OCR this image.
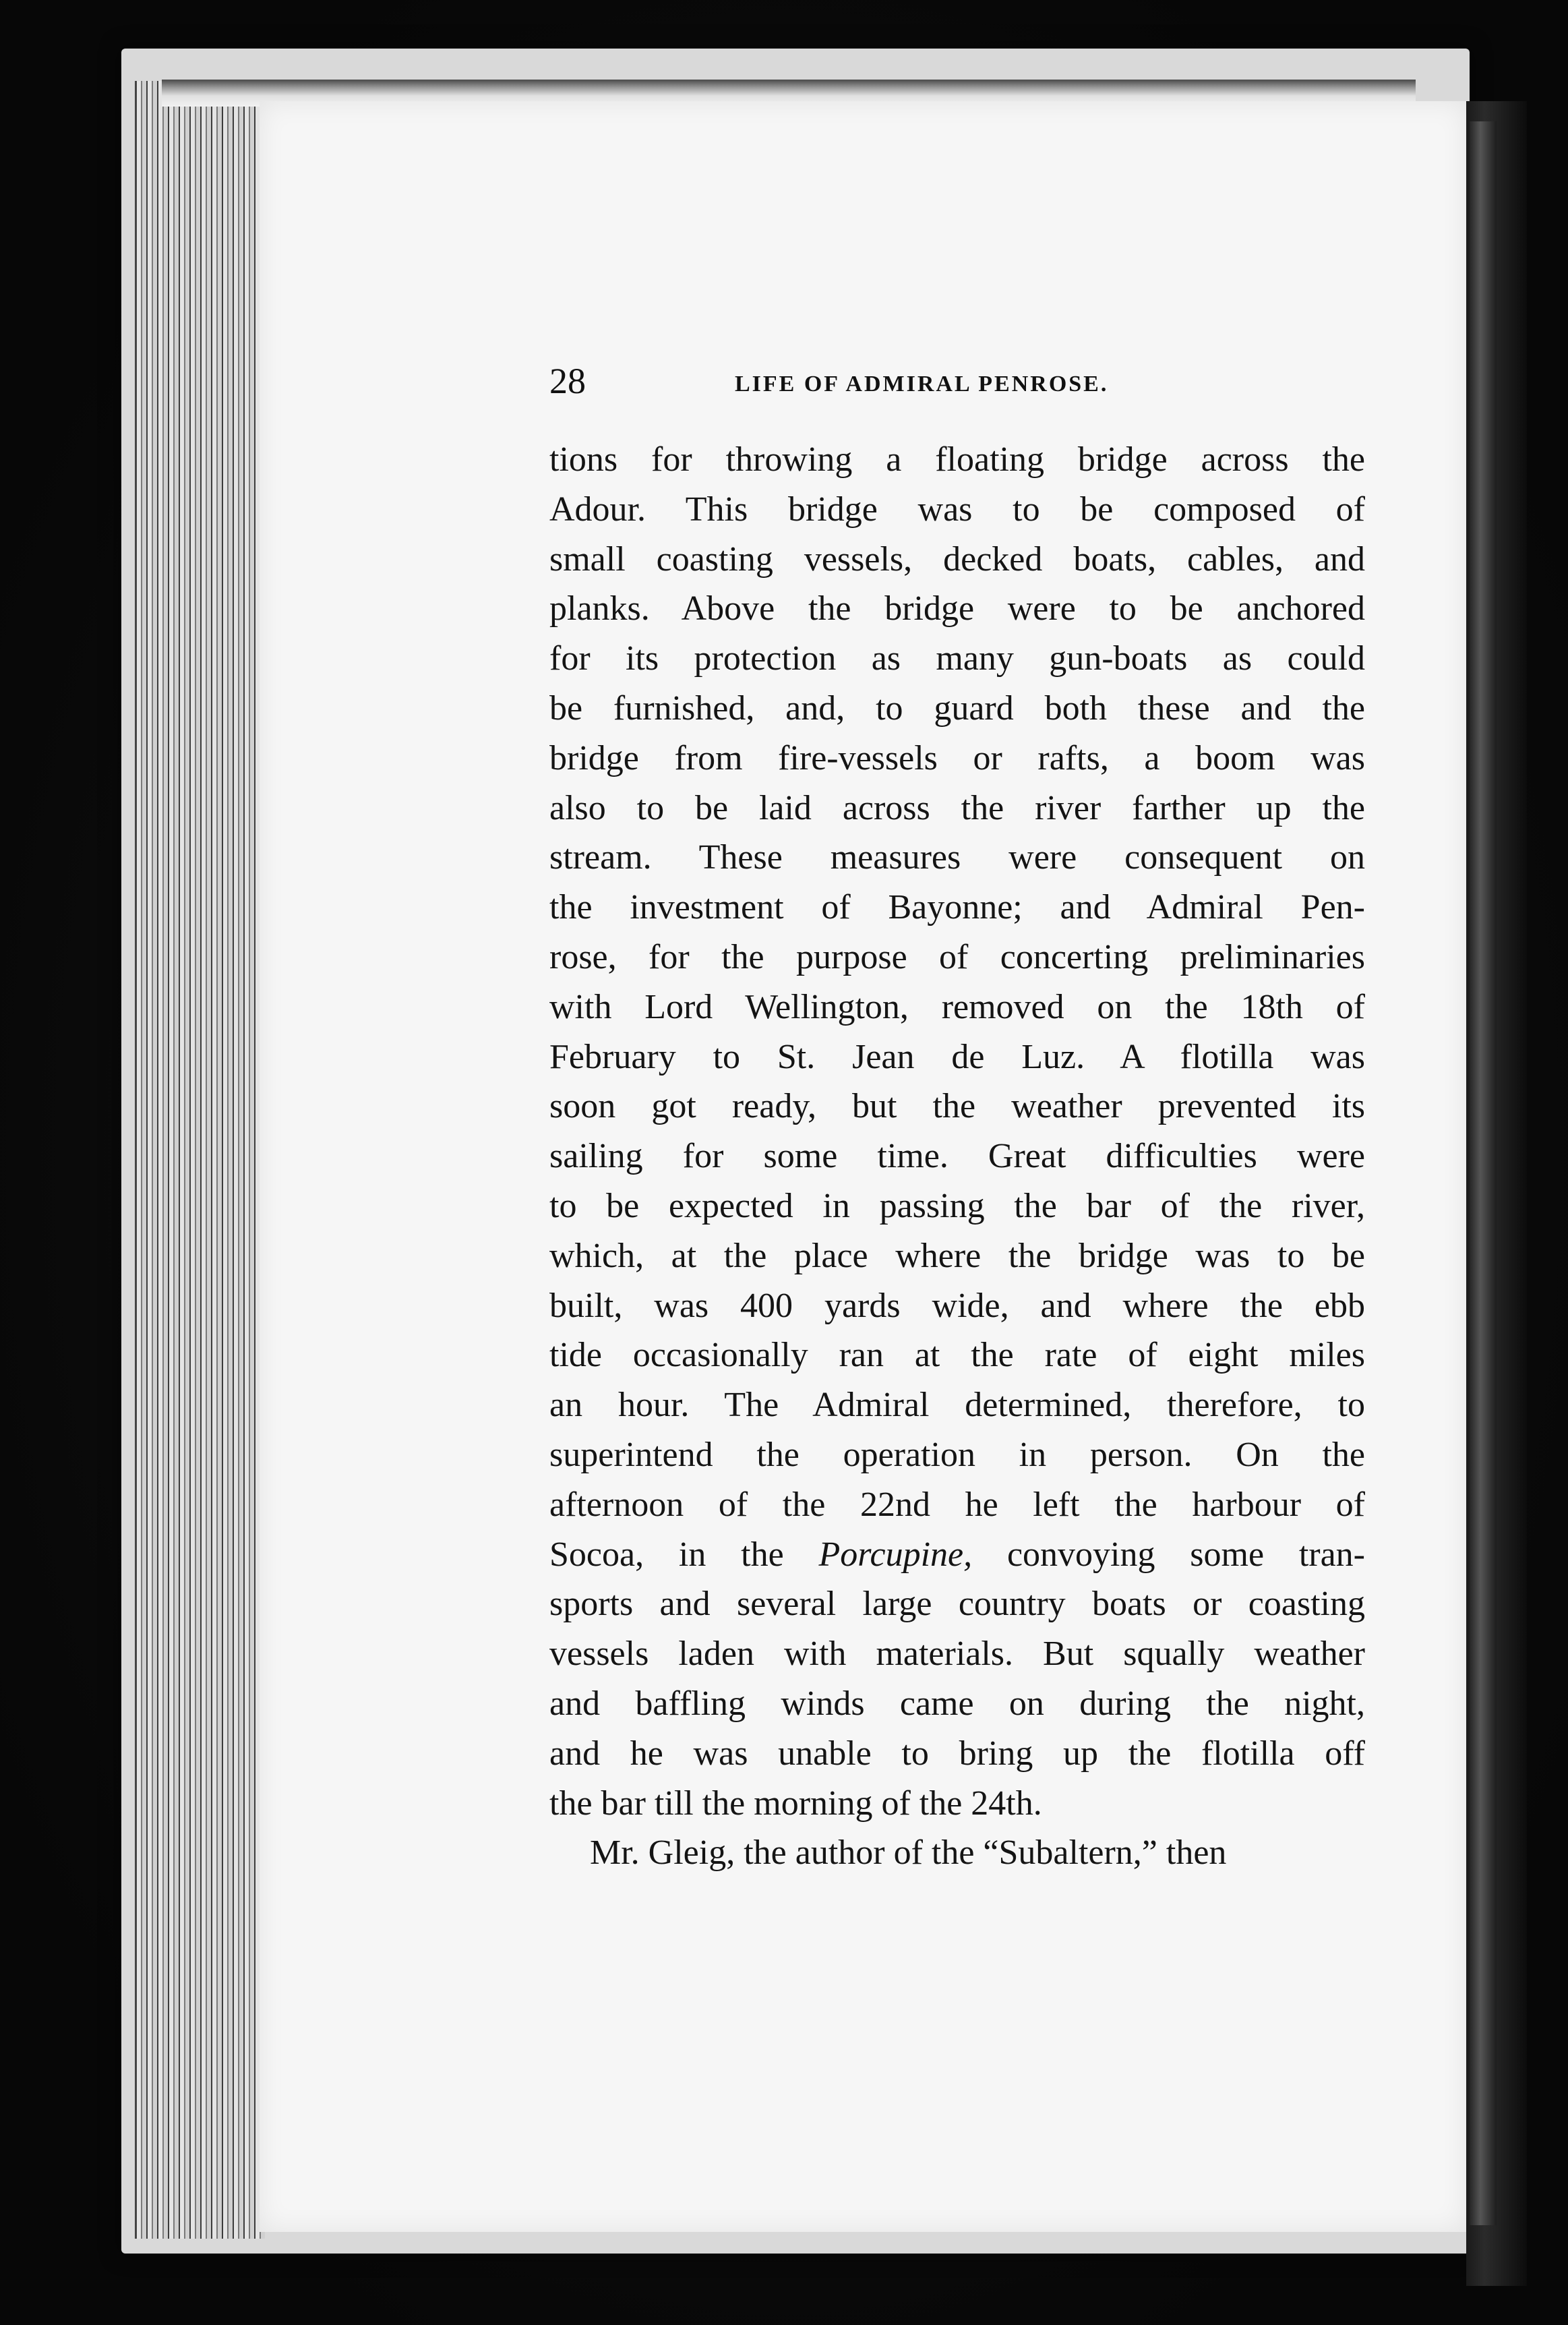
28	LIFE OF ADMIRAL PENROSE.
tions for throwing a floating bridge across the
Adour. This bridge was to be composed of
small coasting vessels, decked boats, cables, and
planks. Above the bridge were to be anchored
for its protection as many gun-boats as could
be furnished, and, to guard both these and the
bridge from fire-vessels or rafts, a boom was
also to be laid across the river farther up the
stream. These measures were consequent on
the investment of Bayonne; and Admiral Pen-
rose, for the purpose of concerting preliminaries
with Lord Wellington, removed on the 18th of
February to St. Jean de Luz. A flotilla was
soon got ready, but the weather prevented its
sailing for some time. Great difficulties were
to be expected in passing the bar of the river,
which, at the place where the bridge was to be
built, was 400 yards wide, and where the ebb
tide occasionally ran at the rate of eight miles
an hour. The Admiral determined, therefore, to
superintend the operation in person. On the
afternoon of the 22nd he left the harbour of
Socoa, in the Porcupine, convoying some tran-
sports and several large country boats or coasting
vessels laden with materials. But squally weather
and baffling winds came on during the night,
and he was unable to bring up the flotilla off
the bar till the morning of the 24th.
Mr. Gleig, the author of the “Subaltern,” then
